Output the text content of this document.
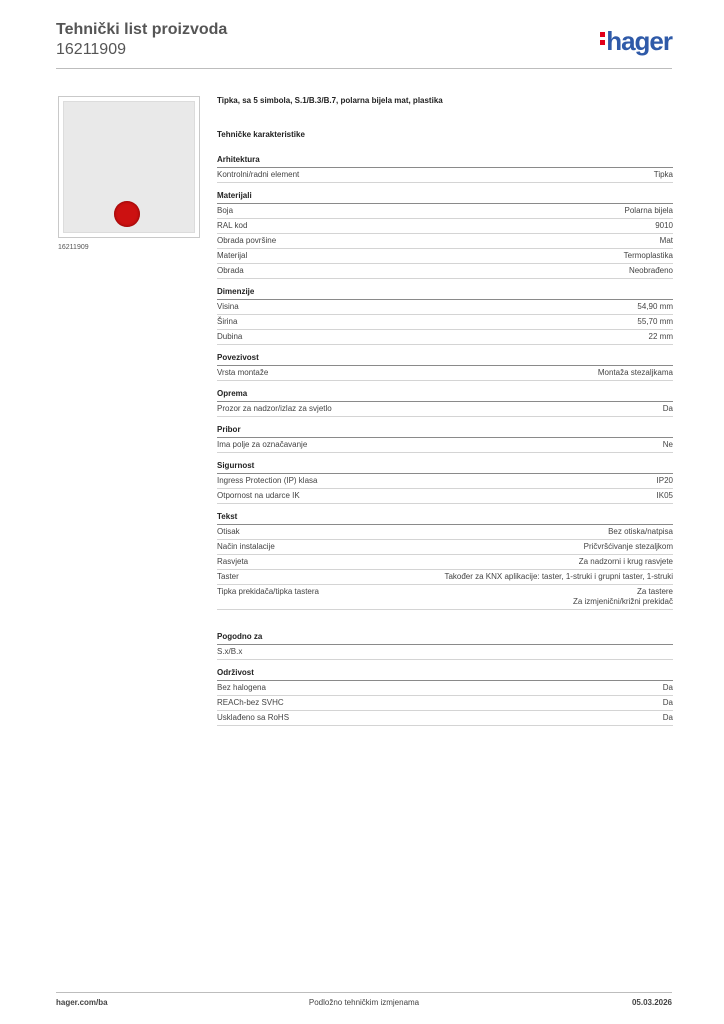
Tehnički list proizvoda
16211909	hager
16211909
Tipka, sa 5 simbola, S.1/B.3/B.7, polarna bijela mat, plastika
Tehničke karakteristike
Arhitektura
Kontrolni/radni element	Tipka
Materijali
Boja	Polarna bijela
RAL kod	9010
Obrada površine	Mat
Materijal	Termoplastika
Obrada	Neobrađeno
Dimenzije
Visina	54,90 mm
Širina	55,70 mm
Dubina	22 mm
Povezivost
Vrsta montaže	Montaža stezaljkama
Oprema
Prozor za nadzor/izlaz za svjetlo	Da
Pribor
Ima polje za označavanje	Ne
Sigurnost
Ingress Protection (IP) klasa	IP20
Otpornost na udarce IK	IK05
Tekst
Otisak	Bez otiska/natpisa
Način instalacije	Pričvršćivanje stezaljkom
Rasvjeta	Za nadzorni i krug rasvjete
Taster	Također za KNX aplikacije: taster, 1-struki i grupni taster, 1-struki
Tipka prekidača/tipka tastera	Za tastere
Za izmjenični/križni prekidač
Pogodno za
S.x/B.x
Održivost
Bez halogena	Da
REACh-bez SVHC	Da
Usklađeno sa RoHS	Da
hager.com/ba	Podložno tehničkim izmjenama	05.03.2026
